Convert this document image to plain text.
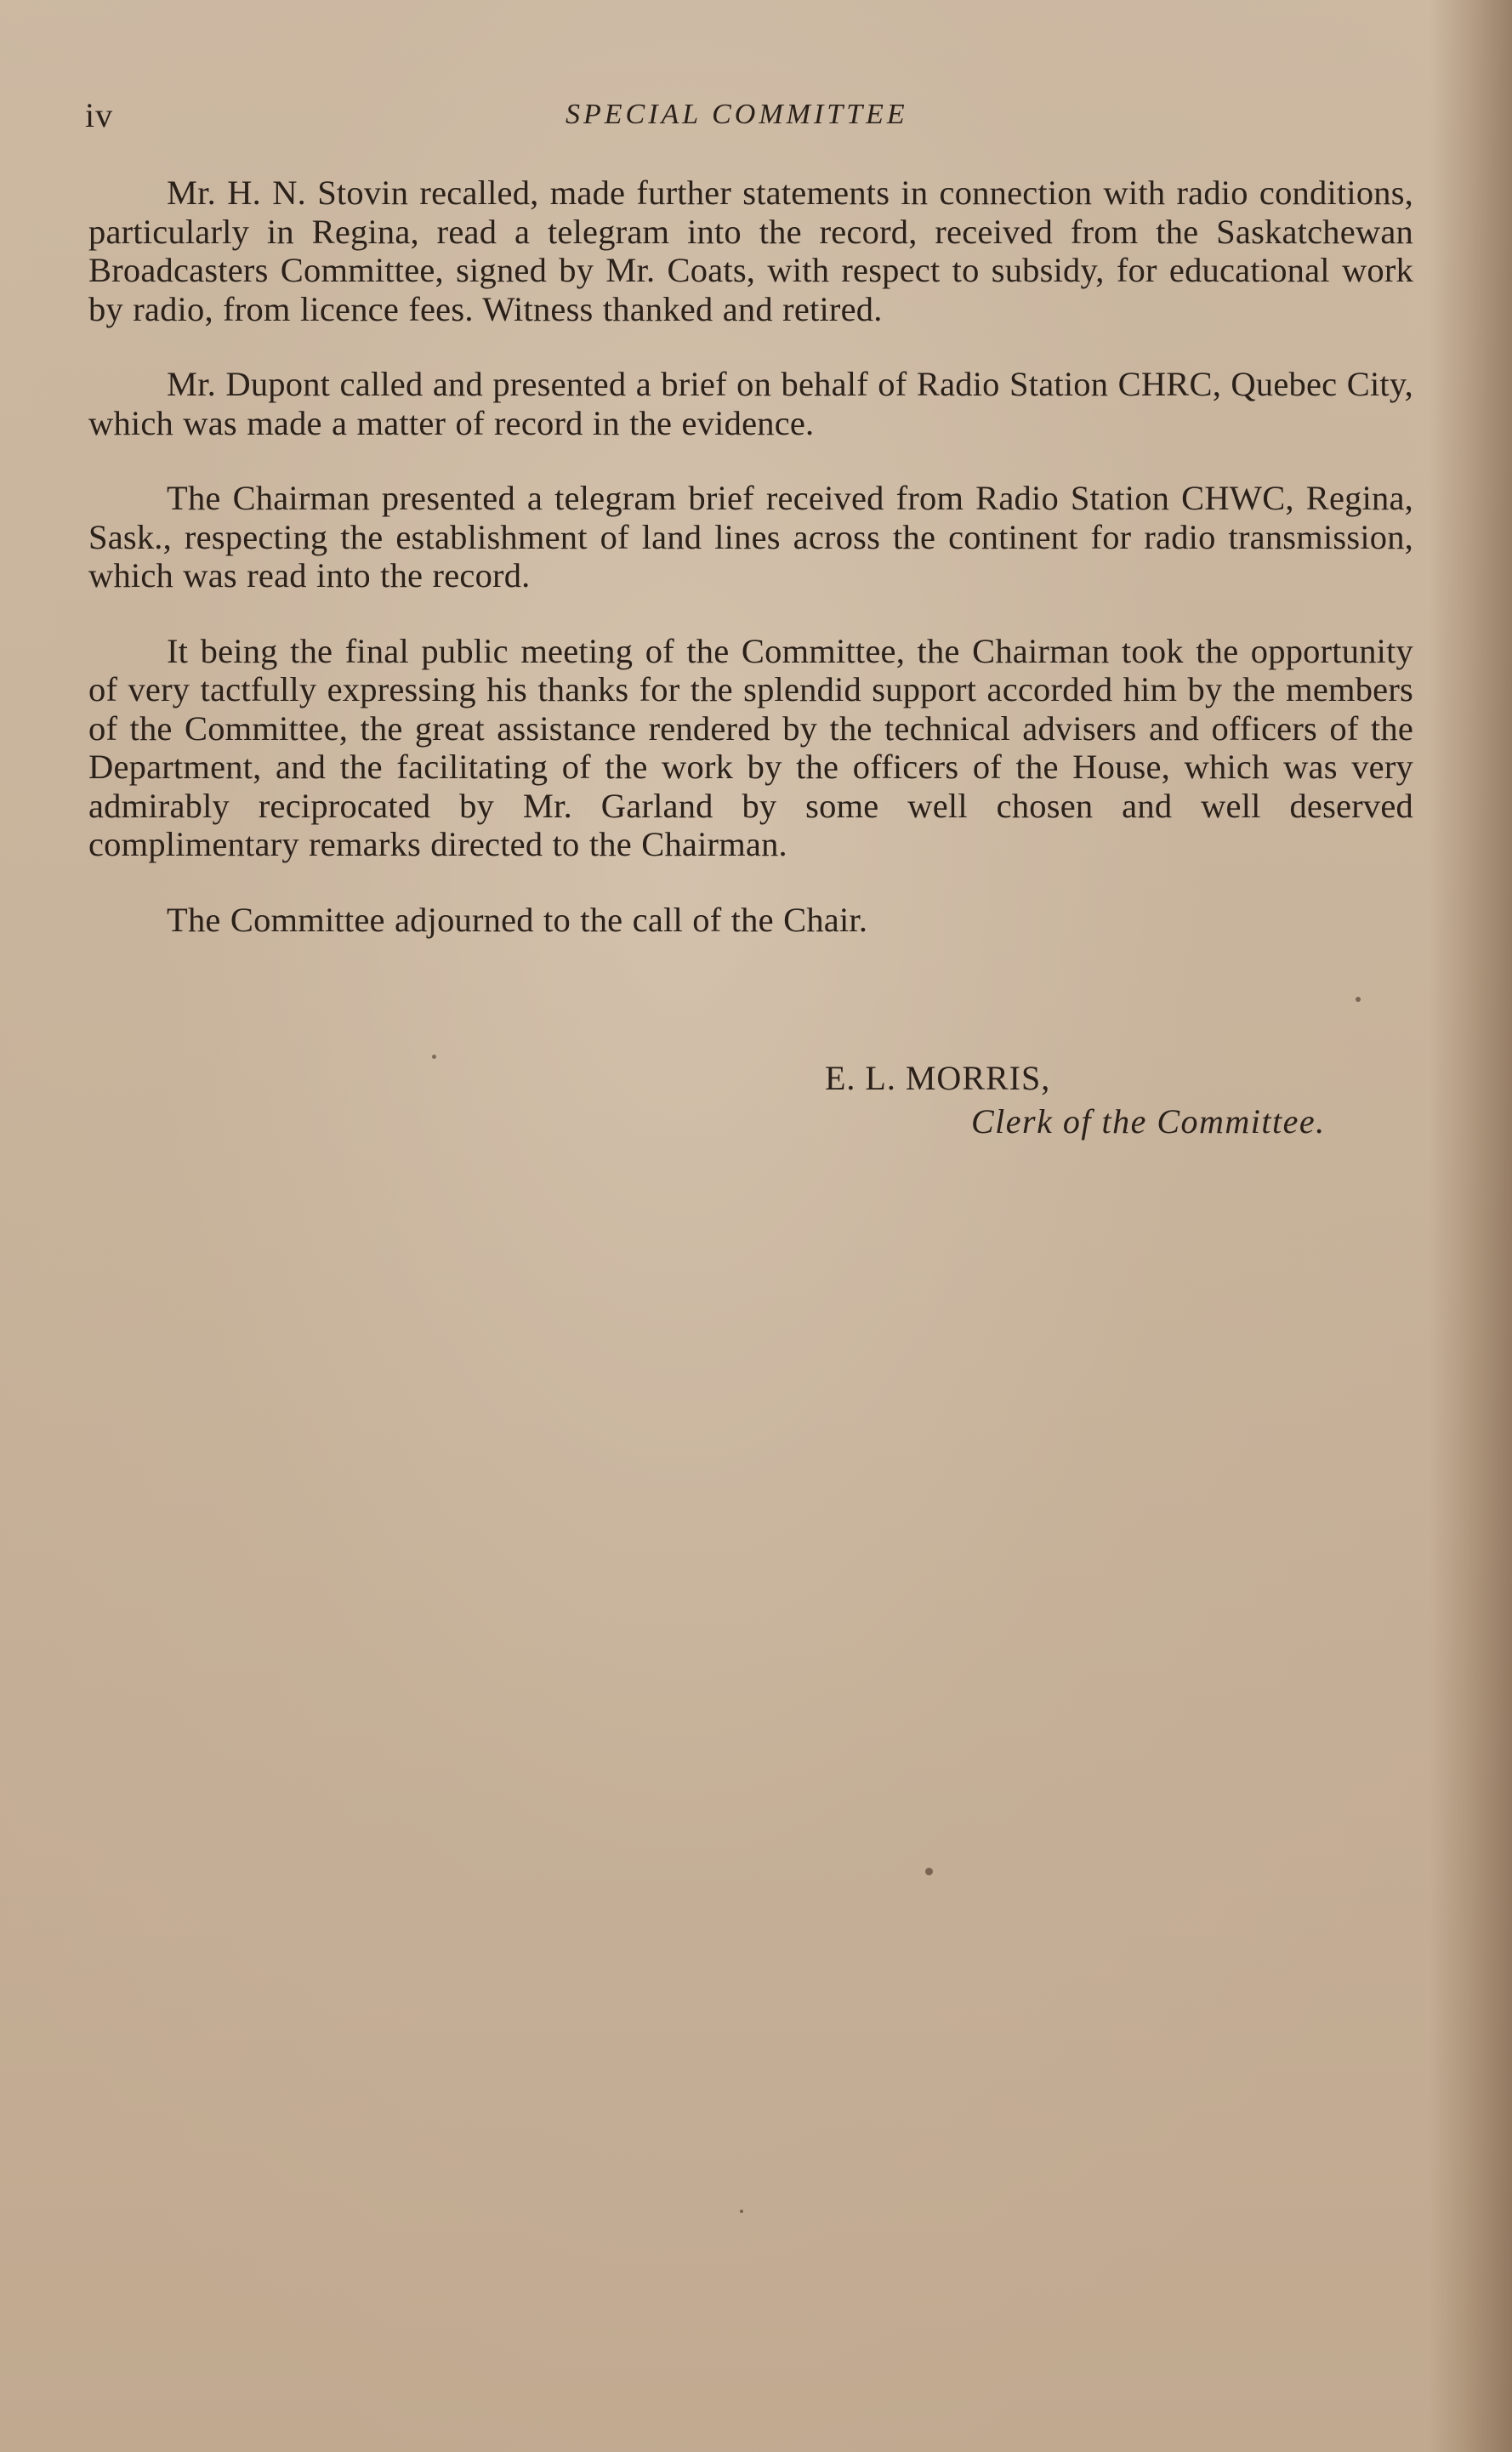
iv	SPECIAL COMMITTEE

Mr. H. N. Stovin recalled, made further statements in connection with radio conditions, particularly in Regina, read a telegram into the record, received from the Saskatchewan Broadcasters Committee, signed by Mr. Coats, with respect to subsidy, for educational work by radio, from licence fees. Witness thanked and retired.

Mr. Dupont called and presented a brief on behalf of Radio Station CHRC, Quebec City, which was made a matter of record in the evidence.

The Chairman presented a telegram brief received from Radio Station CHWC, Regina, Sask., respecting the establishment of land lines across the continent for radio transmission, which was read into the record.

It being the final public meeting of the Committee, the Chairman took the opportunity of very tactfully expressing his thanks for the splendid support accorded him by the members of the Committee, the great assistance rendered by the technical advisers and officers of the Department, and the facilitating of the work by the officers of the House, which was very admirably reciprocated by Mr. Garland by some well chosen and well deserved complimentary remarks directed to the Chairman.

The Committee adjourned to the call of the Chair.

E. L. MORRIS,

Clerk of the Committee.
